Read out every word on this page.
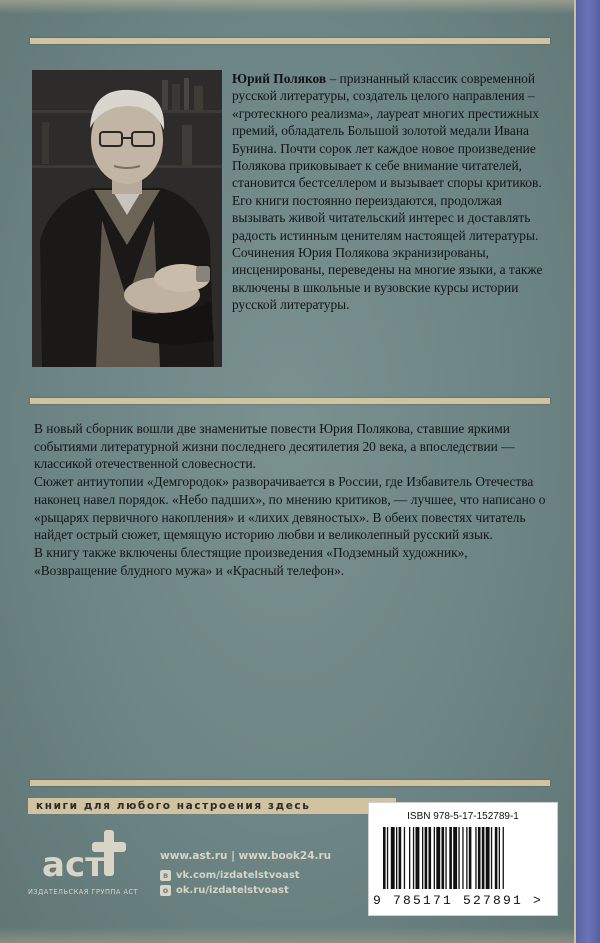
Юрий Поляков – признанный классик современной русской литературы, создатель целого направления – «гротескного реализма», лауреат многих престижных премий, обладатель Большой золотой медали Ивана Бунина. Почти сорок лет каждое новое произведение Полякова приковывает к себе внимание читателей, становится бестселлером и вызывает споры критиков. Его книги постоянно переиздаются, продолжая вызывать живой читательский интерес и доставлять радость истинным ценителям настоящей литературы.

Сочинения Юрия Полякова экранизированы, инсценированы, переведены на многие языки, а также включены в школьные и вузовские курсы истории русской литературы.

В новый сборник вошли две знаменитые повести Юрия Полякова, ставшие яркими событиями литературной жизни последнего десятилетия 20 века, а впоследствии — классикой отечественной словесности.

Сюжет антиутопии «Демгородок» разворачивается в России, где Избавитель Отечества наконец навел порядок. «Небо падших», по мнению критиков, — лучшее, что написано о «рыцарях первичного накопления» и «лихих девяностых». В обеих повестях читатель найдет острый сюжет, щемящую историю любви и великолепный русский язык.

В книгу также включены блестящие произведения «Подземный художник», «Возвращение блудного мужа» и «Красный телефон».

книги для любого настроения здесь
аст
ИЗДАТЕЛЬСКАЯ ГРУППА АСТ
www.ast.ru | www.book24.ru
в vk.com/izdatelstvoast
о ok.ru/izdatelstvoast
ISBN 978-5-17-152789-1
9 785171 527891 >
